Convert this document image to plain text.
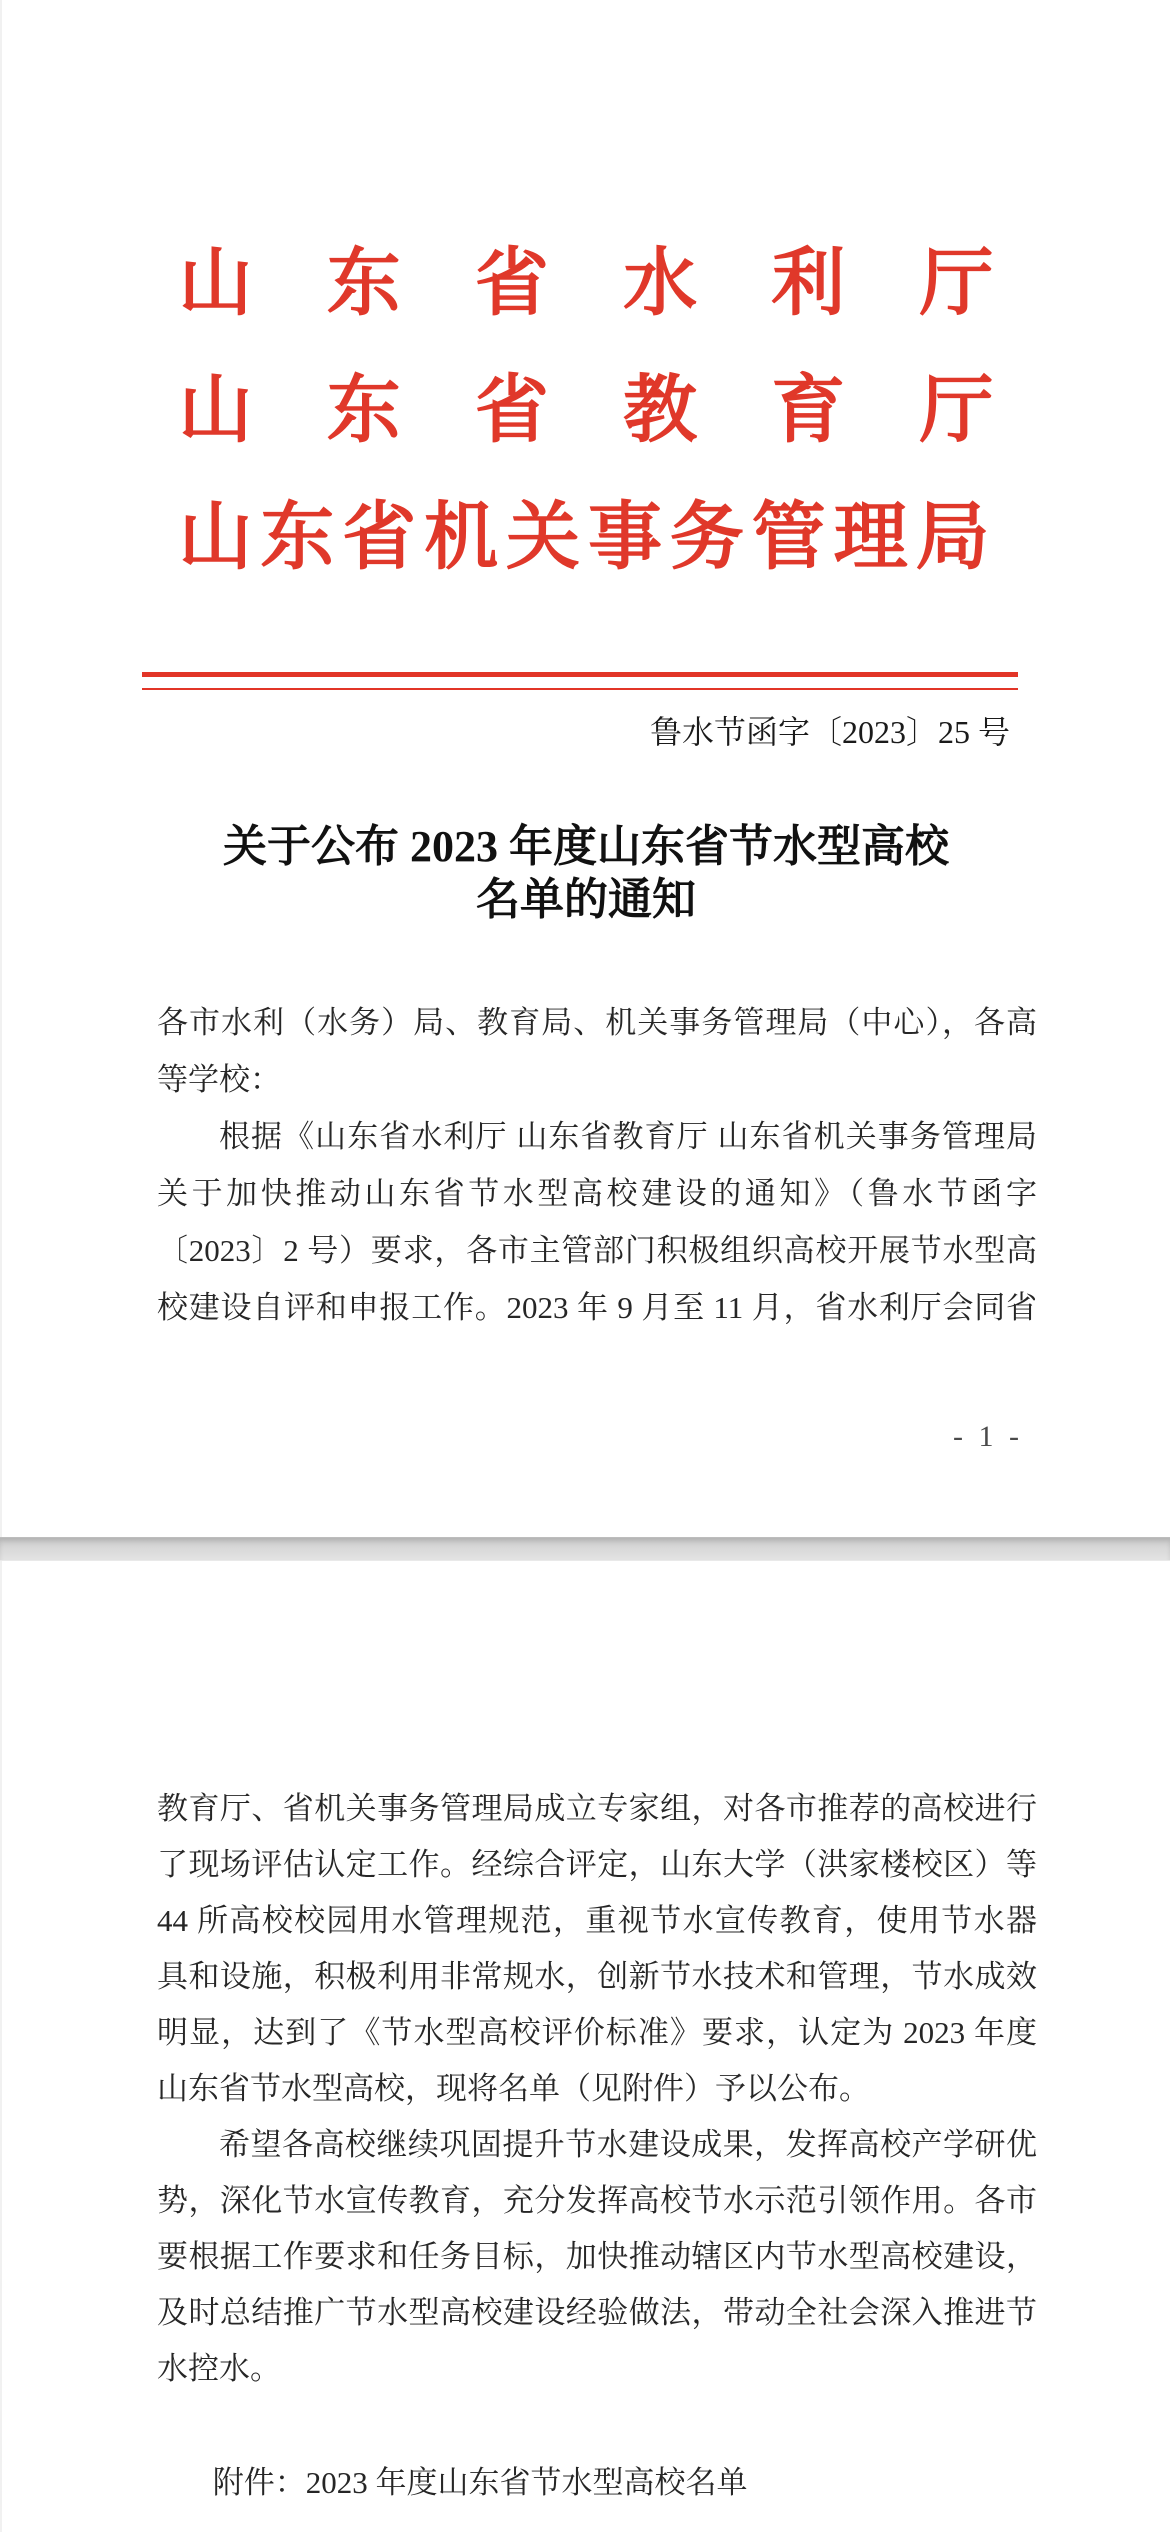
山 东 省 水 利 厅
山 东 省 教 育 厅
山东省机关事务管理局
鲁水节函字〔2023〕25 号
关于公布 2023 年度山东省节水型高校
名单的通知
各市水利（水务）局、教育局、机关事务管理局（中心），各高
等学校：
根据《山东省水利厅 山东省教育厅 山东省机关事务管理局
关于加快推动山东省节水型高校建设的通知》（鲁水节函字
〔2023〕2 号）要求，各市主管部门积极组织高校开展节水型高
校建设自评和申报工作。2023 年 9 月至 11 月，省水利厅会同省
- 1 -
教育厅、省机关事务管理局成立专家组，对各市推荐的高校进行
了现场评估认定工作。经综合评定，山东大学（洪家楼校区）等
44 所高校校园用水管理规范，重视节水宣传教育，使用节水器
具和设施，积极利用非常规水，创新节水技术和管理，节水成效
明显，达到了《节水型高校评价标准》要求，认定为 2023 年度
山东省节水型高校，现将名单（见附件）予以公布。
希望各高校继续巩固提升节水建设成果，发挥高校产学研优
势，深化节水宣传教育，充分发挥高校节水示范引领作用。各市
要根据工作要求和任务目标，加快推动辖区内节水型高校建设，
及时总结推广节水型高校建设经验做法，带动全社会深入推进节
水控水。
附件：2023 年度山东省节水型高校名单
